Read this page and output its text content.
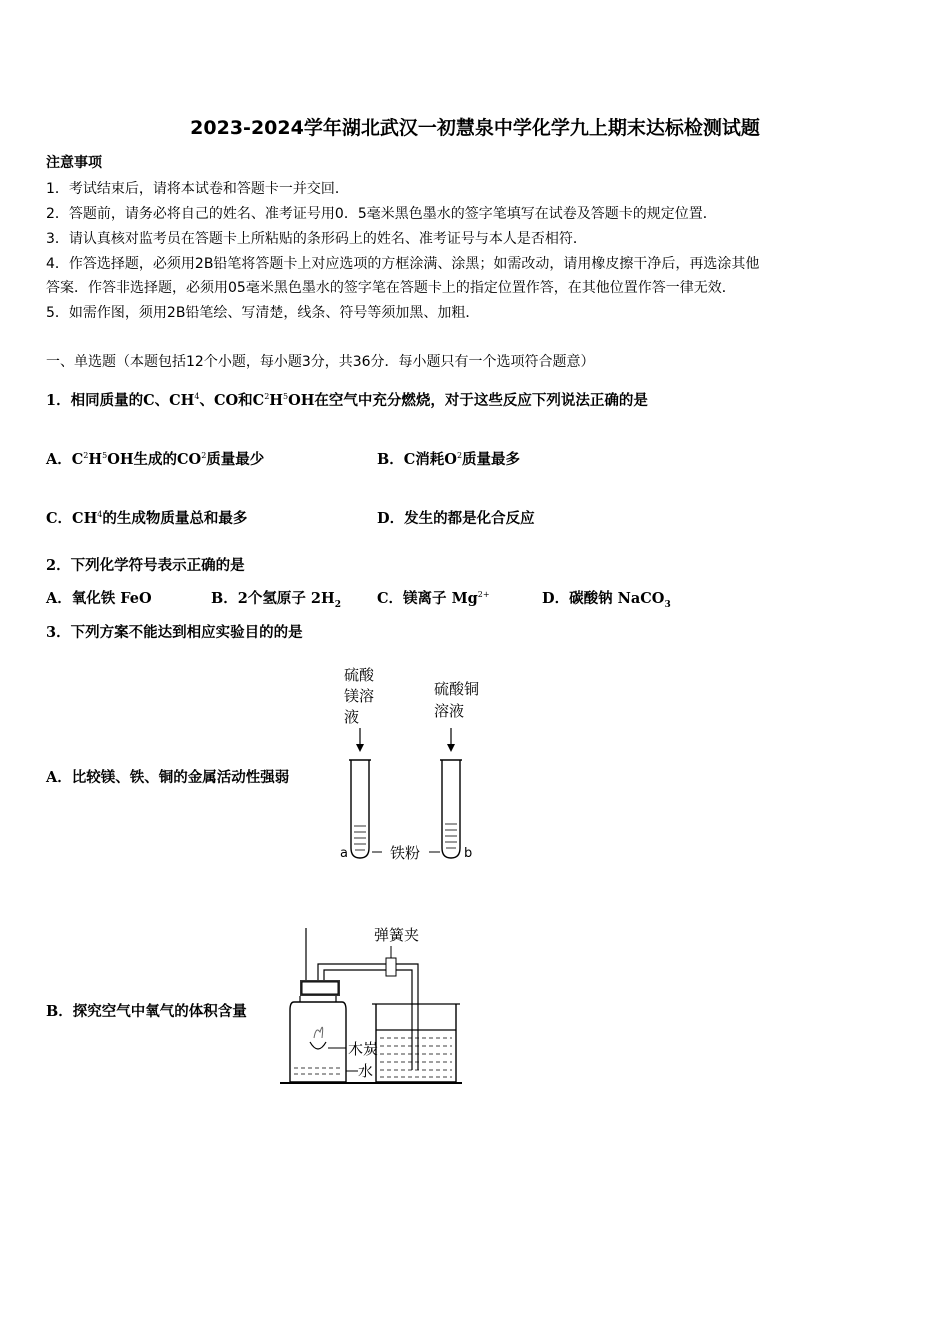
2023-2024学年湖北武汉一初慧泉中学化学九上期末达标检测试题
注意事项
1．考试结束后，请将本试卷和答题卡一并交回．
2．答题前，请务必将自己的姓名、准考证号用0．5毫米黑色墨水的签字笔填写在试卷及答题卡的规定位置．
3．请认真核对监考员在答题卡上所粘贴的条形码上的姓名、准考证号与本人是否相符．
4．作答选择题，必须用2B铅笔将答题卡上对应选项的方框涂满、涂黑；如需改动，请用橡皮擦干净后，再选涂其他
答案．作答非选择题，必须用05毫米黑色墨水的签字笔在答题卡上的指定位置作答，在其他位置作答一律无效．
5．如需作图，须用2B铅笔绘、写清楚，线条、符号等须加黑、加粗．
一、单选题（本题包括12个小题，每小题3分，共36分．每小题只有一个选项符合题意）
1．相同质量的C、$CH^4$、CO和$C^2H^5OH$在空气中充分燃烧，对于这些反应下列说法正确的是
A．$C^2H^5OH$生成的$CO^2$质量最少	B．C消耗$O^2$质量最多
C．$CH^4$的生成物质量总和最多	D．发生的都是化合反应
2．下列化学符号表示正确的是
A．氧化铁 FeO	B．2个氢原子 $2H_2$ C．镁离子 $Mg^{2+}$	D．碳酸钠 NaCO$_3$
3．下列方案不能达到相应实验目的的是
A．比较镁、铁、铜的金属活动性强弱
B．探究空气中氧气的体积含量
硫酸
镁溶
液
硫酸铜
溶液
a	b
铁粉
弹簧夹
木炭
水
